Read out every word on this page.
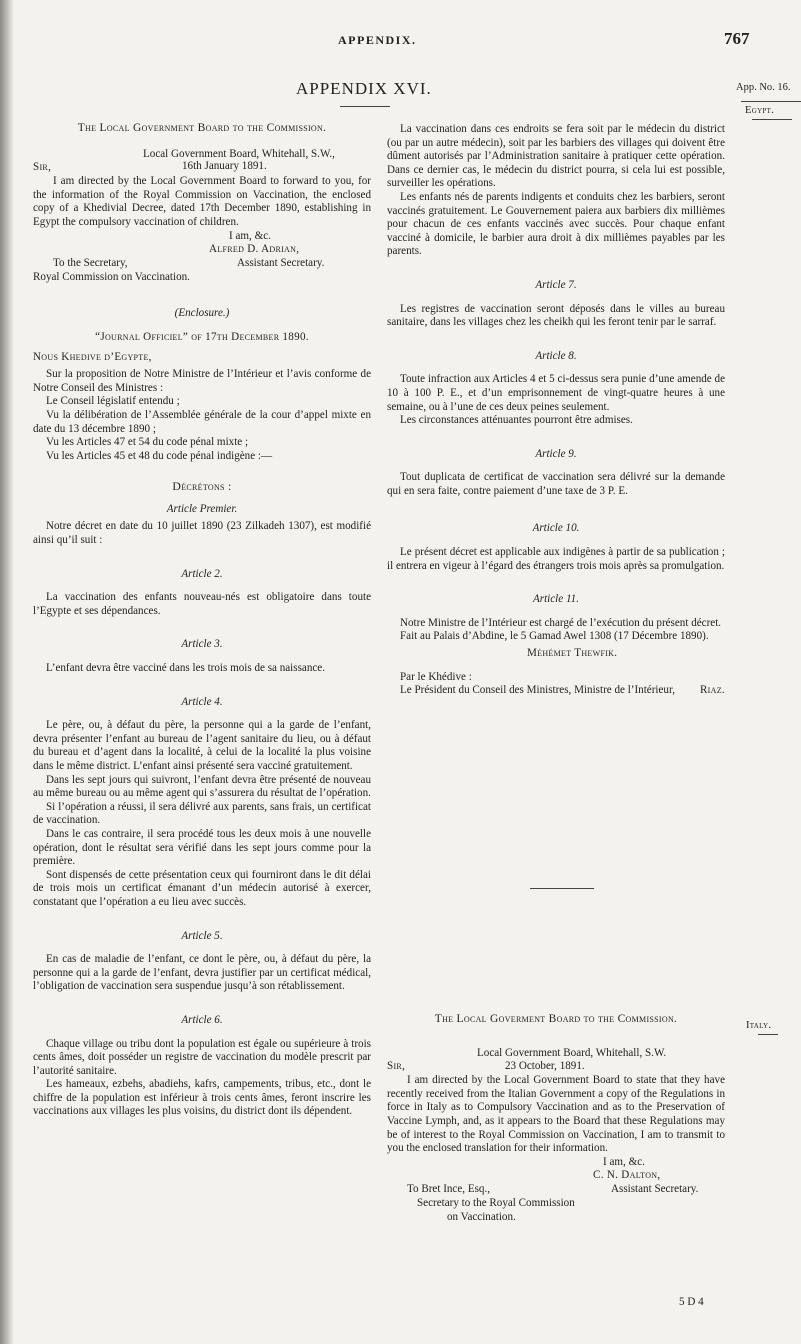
APPENDIX.	767
APPENDIX XVI.	App. No. 16.
Egypt.
Italy.

The Local Government Board to the Commission.

Local Government Board, Whitehall, S.W.,

Sir,	16th January 1891.

I am directed by the Local Government Board to forward to you, for the information of the Royal Commission on Vaccination, the enclosed copy of a Khedivial Decree, dated 17th December 1890, establishing in Egypt the compulsory vaccination of children.

I am, &c.

Alfred D. Adrian,

To the Secretary,	Assistant Secretary.

Royal Commission on Vaccination.

(Enclosure.)

“Journal Officiel” of 17th December 1890.

Nous Khedive d’Egypte,

Sur la proposition de Notre Ministre de l’Intérieur et l’avis conforme de Notre Conseil des Ministres :

Le Conseil législatif entendu ;

Vu la délibération de l’Assemblée générale de la cour d’appel mixte en date du 13 décembre 1890 ;

Vu les Articles 47 et 54 du code pénal mixte ;

Vu les Articles 45 et 48 du code pénal indigène :—

Décrétons :

Article Premier.

Notre décret en date du 10 juillet 1890 (23 Zilkadeh 1307), est modifié ainsi qu’il suit :

Article 2.

La vaccination des enfants nouveau-nés est obligatoire dans toute l’Egypte et ses dépendances.

Article 3.

L’enfant devra être vacciné dans les trois mois de sa naissance.

Article 4.

Le père, ou, à défaut du père, la personne qui a la garde de l’enfant, devra présenter l’enfant au bureau de l’agent sanitaire du lieu, ou à défaut du bureau et d’agent dans la localité, à celui de la localité la plus voisine dans le même district. L’enfant ainsi présenté sera vacciné gratuitement.

Dans les sept jours qui suivront, l’enfant devra être présenté de nouveau au même bureau ou au même agent qui s’assurera du résultat de l’opération.

Si l’opération a réussi, il sera délivré aux parents, sans frais, un certificat de vaccination.

Dans le cas contraire, il sera procédé tous les deux mois à une nouvelle opération, dont le résultat sera vérifié dans les sept jours comme pour la première.

Sont dispensés de cette présentation ceux qui fourniront dans le dit délai de trois mois un certificat émanant d’un médecin autorisé à exercer, constatant que l’opération a eu lieu avec succès.

Article 5.

En cas de maladie de l’enfant, ce dont le père, ou, à défaut du père, la personne qui a la garde de l’enfant, devra justifier par un certificat médical, l’obligation de vaccination sera suspendue jusqu’à son rétablissement.

Article 6.

Chaque village ou tribu dont la population est égale ou supérieure à trois cents âmes, doit posséder un registre de vaccination du modèle prescrit par l’autorité sanitaire.

Les hameaux, ezbehs, abadiehs, kafrs, campements, tribus, etc., dont le chiffre de la population est inférieur à trois cents âmes, feront inscrire les vaccinations aux villages les plus voisins, du district dont ils dépendent.

La vaccination dans ces endroits se fera soit par le médecin du district (ou par un autre médecin), soit par les barbiers des villages qui doivent être dûment autorisés par l’Administration sanitaire à pratiquer cette opération. Dans ce dernier cas, le médecin du district pourra, si cela lui est possible, surveiller les opérations.

Les enfants nés de parents indigents et conduits chez les barbiers, seront vaccinés gratuitement. Le Gouvernement paiera aux barbiers dix millièmes pour chacun de ces enfants vaccinés avec succès. Pour chaque enfant vacciné à domicile, le barbier aura droit à dix millièmes payables par les parents.

Article 7.

Les registres de vaccination seront déposés dans le villes au bureau sanitaire, dans les villages chez les cheikh qui les feront tenir par le sarraf.

Article 8.

Toute infraction aux Articles 4 et 5 ci-dessus sera punie d’une amende de 10 à 100 P. E., et d’un emprisonnement de vingt-quatre heures à une semaine, ou à l’une de ces deux peines seulement.

Les circonstances atténuantes pourront être admises.

Article 9.

Tout duplicata de certificat de vaccination sera délivré sur la demande qui en sera faite, contre paiement d’une taxe de 3 P. E.

Article 10.

Le présent décret est applicable aux indigènes à partir de sa publication ; il entrera en vigeur à l’égard des étrangers trois mois après sa promulgation.

Article 11.

Notre Ministre de l’Intérieur est chargé de l’exécution du présent décret.

Fait au Palais d’Abdine, le 5 Gamad Awel 1308 (17 Décembre 1890).

Méhémet Thewfik.

Par le Khédive :

Le Président du Conseil des Ministres, Ministre de l’Intérieur,	Riaz.

The Local Goverment Board to the Commission.

Local Government Board, Whitehall, S.W.

Sir,	23 October, 1891.

I am directed by the Local Government Board to state that they have recently received from the Italian Government a copy of the Regulations in force in Italy as to Compulsory Vaccination and as to the Preservation of Vaccine Lymph, and, as it appears to the Board that these Regulations may be of interest to the Royal Commission on Vaccination, I am to transmit to you the enclosed translation for their information.

I am, &c.

C. N. Dalton,

To Bret Ince, Esq.,	Assistant Secretary.

Secretary to the Royal Commission

on Vaccination.

5 D 4
